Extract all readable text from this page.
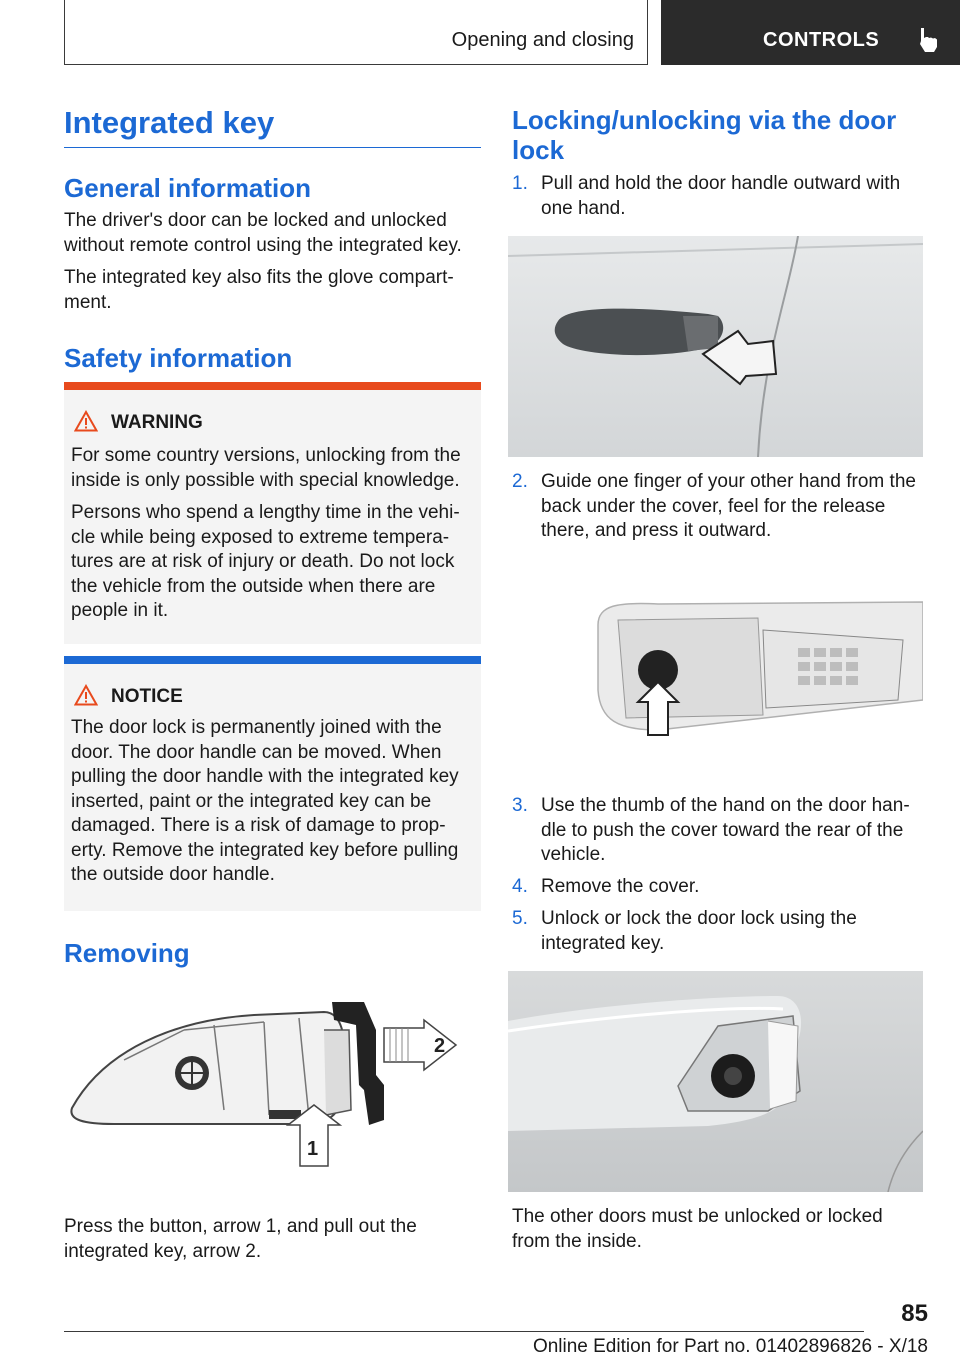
Opening and closing	CONTROLS
Integrated key
General information
The driver's door can be locked and unlocked without remote control using the integrated key.
The integrated key also fits the glove compart‐ment.
Safety information
WARNING
For some country versions, unlocking from the inside is only possible with special knowledge.
Persons who spend a lengthy time in the vehi‐cle while being exposed to extreme tempera‐tures are at risk of injury or death. Do not lock the vehicle from the outside when there are people in it.
NOTICE
The door lock is permanently joined with the door. The door handle can be moved. When pulling the door handle with the integrated key inserted, paint or the integrated key can be damaged. There is a risk of damage to prop‐erty. Remove the integrated key before pulling the outside door handle.
Removing
2
1
Press the button, arrow 1, and pull out the integrated key, arrow 2.
Locking/unlocking via the door lock
1. Pull and hold the door handle outward with one hand.
2. Guide one finger of your other hand from the back under the cover, feel for the release there, and press it outward.
3. Use the thumb of the hand on the door han‐dle to push the cover toward the rear of the vehicle.
4. Remove the cover.
5. Unlock or lock the door lock using the integrated key.
The other doors must be unlocked or locked from the inside.
85
Online Edition for Part no. 01402896826 - X/18
